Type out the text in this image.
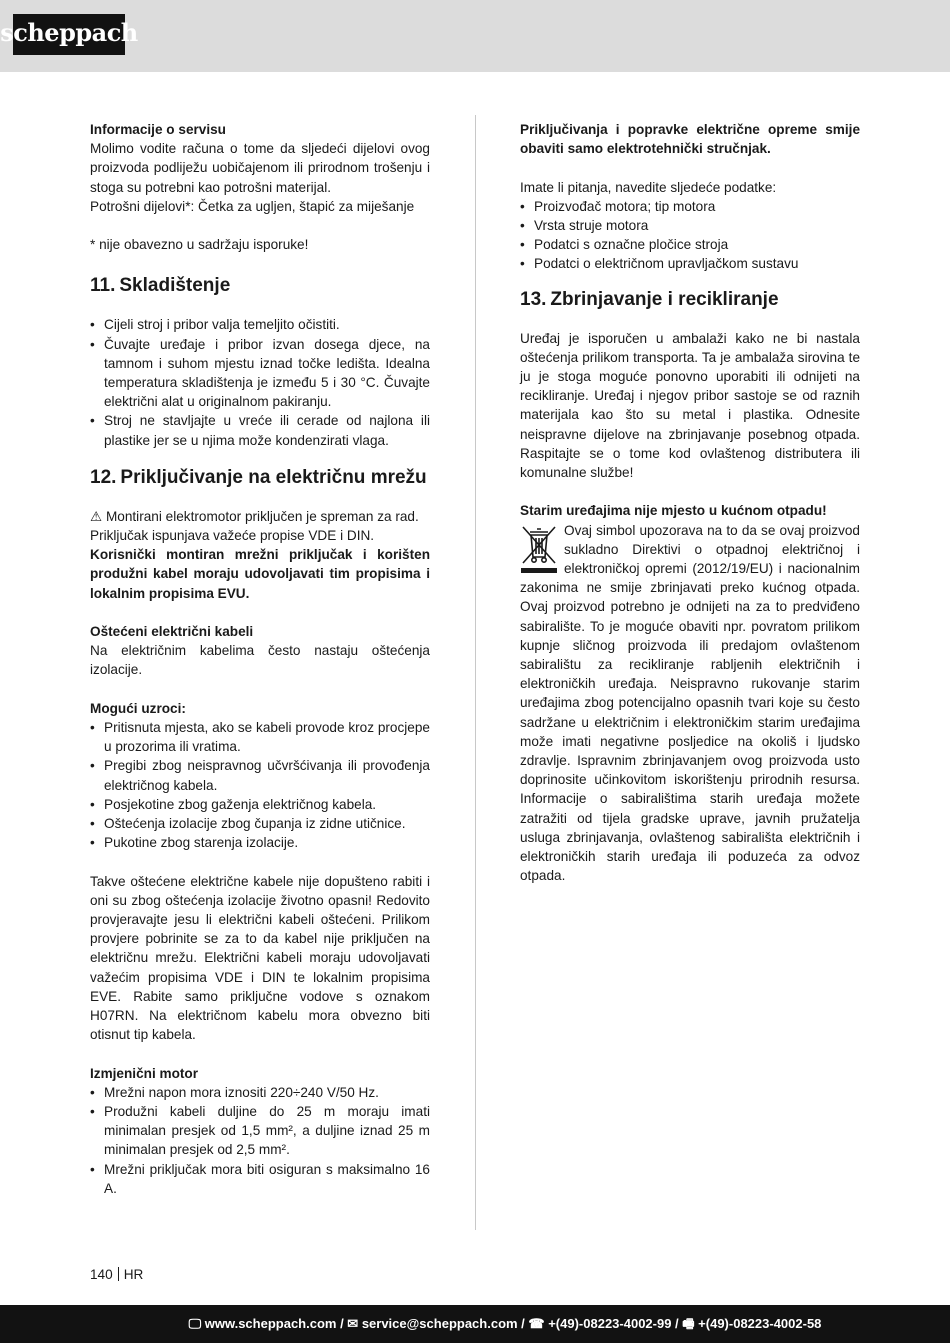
scheppach

Informacije o servisu

Molimo vodite računa o tome da sljedeći dijelovi ovog proizvoda podliježu uobičajenom ili prirodnom trošenju i stoga su potrebni kao potrošni materijal.

Potrošni dijelovi*: Četka za ugljen, štapić za miješanje

* nije obavezno u sadržaju isporuke!

11. Skladištenje
• Cijeli stroj i pribor valja temeljito očistiti.
• Čuvajte uređaje i pribor izvan dosega djece, na tamnom i suhom mjestu iznad točke ledišta. Idealna temperatura skladištenja je između 5 i 30 °C. Čuvajte električni alat u originalnom pakiranju.
• Stroj ne stavljajte u vreće ili cerade od najlona ili plastike jer se u njima može kondenzirati vlaga.
12. Priključivanje na električnu mrežu

⚠ Montirani elektromotor priključen je spreman za rad.

Priključak ispunjava važeće propise VDE i DIN.

Korisnički montiran mrežni priključak i korišten produžni kabel moraju udovoljavati tim propisima i lokalnim propisima EVU.

Oštećeni električni kabeli

Na električnim kabelima često nastaju oštećenja izolacije.

Mogući uzroci:

• Pritisnuta mjesta, ako se kabeli provode kroz procjepe u prozorima ili vratima.
• Pregibi zbog neispravnog učvršćivanja ili provođenja električnog kabela.
• Posjekotine zbog gaženja električnog kabela.
• Oštećenja izolacije zbog čupanja iz zidne utičnice.
• Pukotine zbog starenja izolacije.

Takve oštećene električne kabele nije dopušteno rabiti i oni su zbog oštećenja izolacije životno opasni! Redovito provjeravajte jesu li električni kabeli oštećeni. Prilikom provjere pobrinite se za to da kabel nije priključen na električnu mrežu. Električni kabeli moraju udovoljavati važećim propisima VDE i DIN te lokalnim propisima EVE. Rabite samo priključne vodove s oznakom H07RN. Na električnom kabelu mora obvezno biti otisnut tip kabela.

Izmjenični motor

• Mrežni napon mora iznositi 220÷240 V/50 Hz.
• Produžni kabeli duljine do 25 m moraju imati minimalan presjek od 1,5 mm², a duljine iznad 25 m minimalan presjek od 2,5 mm².
• Mrežni priključak mora biti osiguran s maksimalno 16 A.

Priključivanja i popravke električne opreme smije obaviti samo elektrotehnički stručnjak.

Imate li pitanja, navedite sljedeće podatke:

• Proizvođač motora; tip motora
• Vrsta struje motora
• Podatci s označne pločice stroja
• Podatci o električnom upravljačkom sustavu
13. Zbrinjavanje i recikliranje

Uređaj je isporučen u ambalaži kako ne bi nastala oštećenja prilikom transporta. Ta je ambalaža sirovina te ju je stoga moguće ponovno uporabiti ili odnijeti na recikliranje. Uređaj i njegov pribor sastoje se od raznih materijala kao što su metal i plastika. Odnesite neispravne dijelove na zbrinjavanje posebnog otpada. Raspitajte se o tome kod ovlaštenog distributera ili komunalne službe!

Starim uređajima nije mjesto u kućnom otpadu!

Ovaj simbol upozorava na to da se ovaj proizvod sukladno Direktivi o otpadnoj električnoj i elektroničkoj opremi (2012/19/EU) i nacionalnim zakonima ne smije zbrinjavati preko kućnog otpada. Ovaj proizvod potrebno je odnijeti na za to predviđeno sabiralište. To je moguće obaviti npr. povratom prilikom kupnje sličnog proizvoda ili predajom ovlaštenom sabiralištu za recikliranje rabljenih električnih i elektroničkih uređaja. Neispravno rukovanje starim uređajima zbog potencijalno opasnih tvari koje su često sadržane u električnim i elektroničkim starim uređajima može imati negativne posljedice na okoliš i ljudsko zdravlje. Ispravnim zbrinjavanjem ovog proizvoda usto doprinosite učinkovitom iskorištenju prirodnih resursa. Informacije o sabiralištima starih uređaja možete zatražiti od tijela gradske uprave, javnih pružatelja usluga zbrinjavanja, ovlaštenog sabirališta električnih i elektroničkih starih uređaja ili poduzeća za odvoz otpada.

140 HR
🖵 www.scheppach.com / ✉ service@scheppach.com / ☎ +(49)-08223-4002-99 / 🖷 +(49)-08223-4002-58
